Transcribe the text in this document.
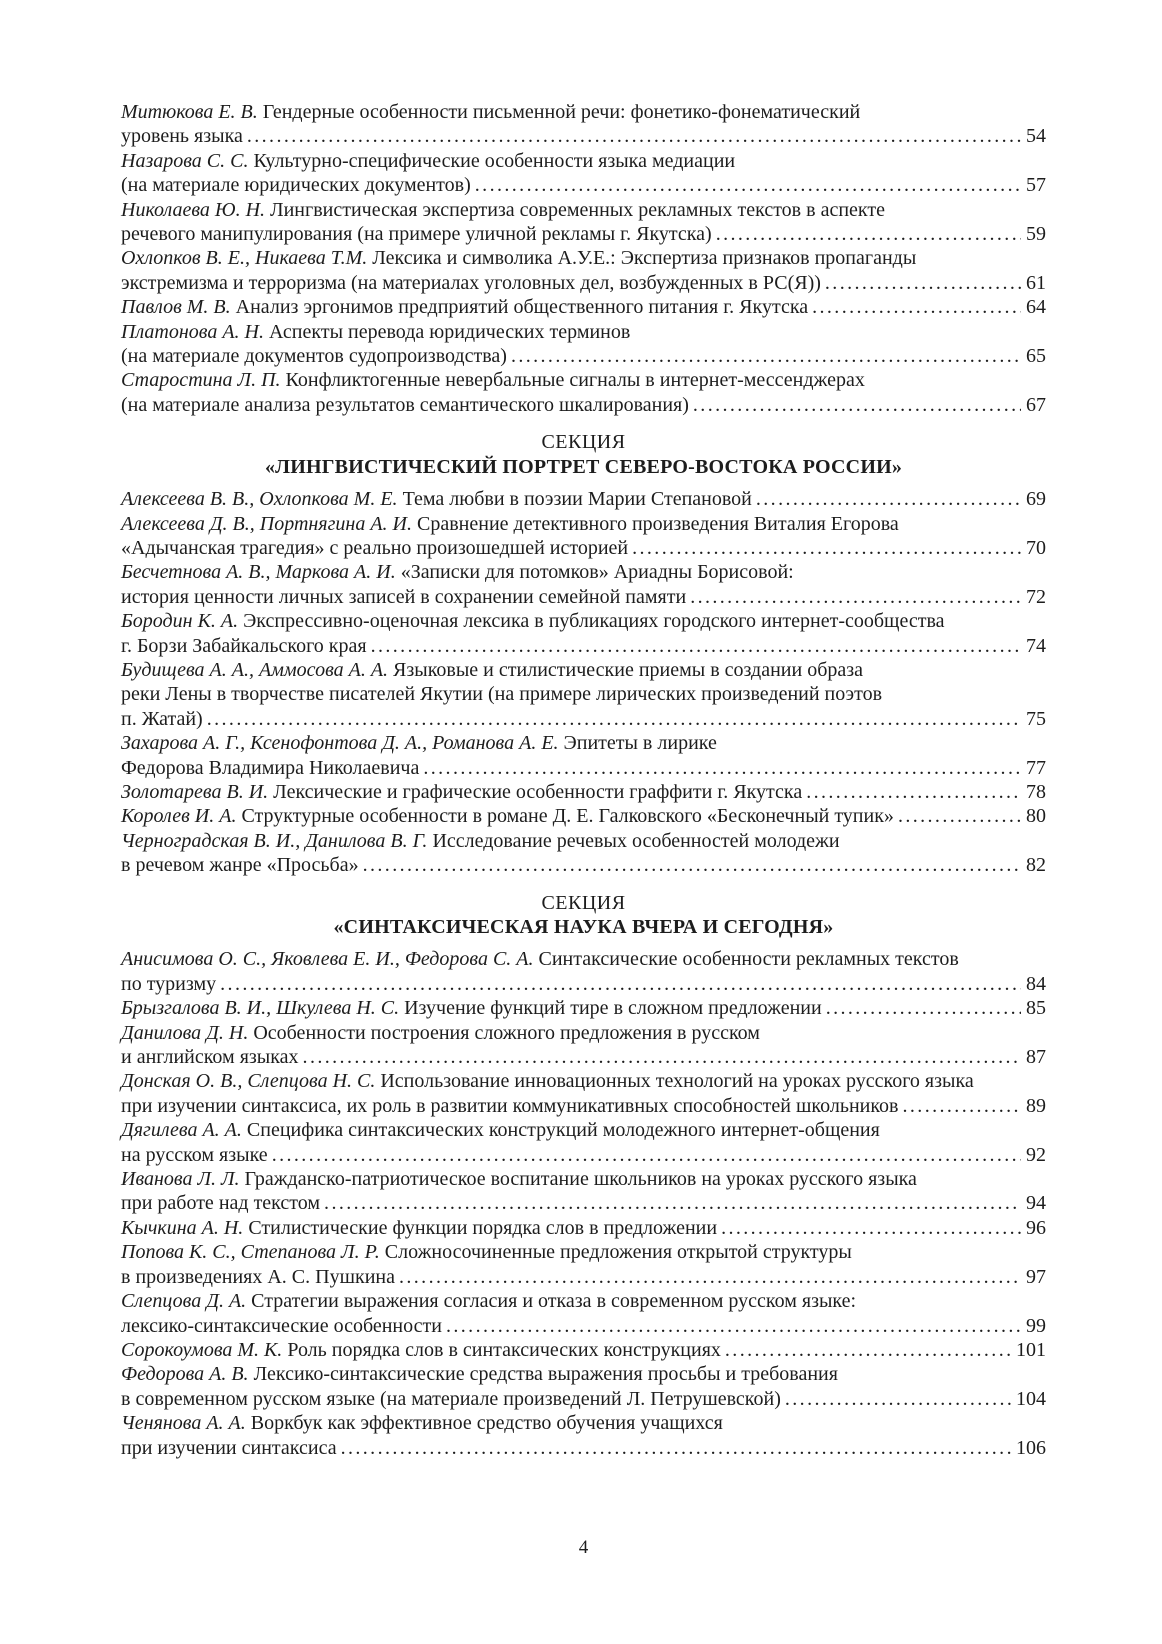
Митюкова Е. В. Гендерные особенности письменной речи: фонетико-фонематический
уровень языка .....	54
Назарова С. С. Культурно-специфические особенности языка медиации
(на материале юридических документов) .....	57
Николаева Ю. Н. Лингвистическая экспертиза современных рекламных текстов в аспекте
речевого манипулирования (на примере уличной рекламы г. Якутска) .....	59
Охлопков В. Е., Никаева Т.М. Лексика и символика А.У.Е.: Экспертиза признаков пропаганды
экстремизма и терроризма (на материалах уголовных дел, возбужденных в РС(Я)) .....	61
Павлов М. В. Анализ эргонимов предприятий общественного питания г. Якутска .....	64
Платонова А. Н. Аспекты перевода юридических терминов
(на материале документов судопроизводства) .....	65
Старостина Л. П. Конфликтогенные невербальные сигналы в интернет-мессенджерах
(на материале анализа результатов семантического шкалирования) .....	67
СЕКЦИЯ
«ЛИНГВИСТИЧЕСКИЙ ПОРТРЕТ СЕВЕРО-ВОСТОКА РОССИИ»
Алексеева В. В., Охлопкова М. Е. Тема любви в поэзии Марии Степановой .....	69
Алексеева Д. В., Портнягина А. И. Сравнение детективного произведения Виталия Егорова
«Адычанская трагедия» с реально произошедшей историей .....	70
Бесчетнова А. В., Маркова А. И. «Записки для потомков» Ариадны Борисовой:
история ценности личных записей в сохранении семейной памяти .....	72
Бородин К. А. Экспрессивно-оценочная лексика в публикациях городского интернет-сообщества
г. Борзи Забайкальского края .....	74
Будищева А. А., Аммосова А. А. Языковые и стилистические приемы в создании образа
реки Лены в творчестве писателей Якутии (на примере лирических произведений поэтов
п. Жатай) .....	75
Захарова А. Г., Ксенофонтова Д. А., Романова А. Е. Эпитеты в лирике
Федорова Владимира Николаевича .....	77
Золотарева В. И. Лексические и графические особенности граффити г. Якутска .....	78
Королев И. А. Структурные особенности в романе Д. Е. Галковского «Бесконечный тупик» .....	80
Черноградская В. И., Данилова В. Г. Исследование речевых особенностей молодежи
в речевом жанре «Просьба» .....	82
СЕКЦИЯ
«СИНТАКСИЧЕСКАЯ НАУКА ВЧЕРА И СЕГОДНЯ»
Анисимова О. С., Яковлева Е. И., Федорова С. А. Синтаксические особенности рекламных текстов
по туризму .....	84
Брызгалова В. И., Шкулева Н. С. Изучение функций тире в сложном предложении .....	85
Данилова Д. Н. Особенности построения сложного предложения в русском
и английском языках .....	87
Донская О. В., Слепцова Н. С. Использование инновационных технологий на уроках русского языка
при изучении синтаксиса, их роль в развитии коммуникативных способностей школьников .....	89
Дягилева А. А. Специфика синтаксических конструкций молодежного интернет-общения
на русском языке .....	92
Иванова Л. Л. Гражданско-патриотическое воспитание школьников на уроках русского языка
при работе над текстом .....	94
Кычкина А. Н. Стилистические функции порядка слов в предложении .....	96
Попова К. С., Степанова Л. Р. Сложносочиненные предложения открытой структуры
в произведениях А. С. Пушкина .....	97
Слепцова Д. А. Стратегии выражения согласия и отказа в современном русском языке:
лексико-синтаксические особенности .....	99
Сорокоумова М. К. Роль порядка слов в синтаксических конструкциях .....	101
Федорова А. В. Лексико-синтаксические средства выражения просьбы и требования
в современном русском языке (на материале произведений Л. Петрушевской) .....	104
Ченянова А. А. Воркбук как эффективное средство обучения учащихся
при изучении синтаксиса .....	106
4
